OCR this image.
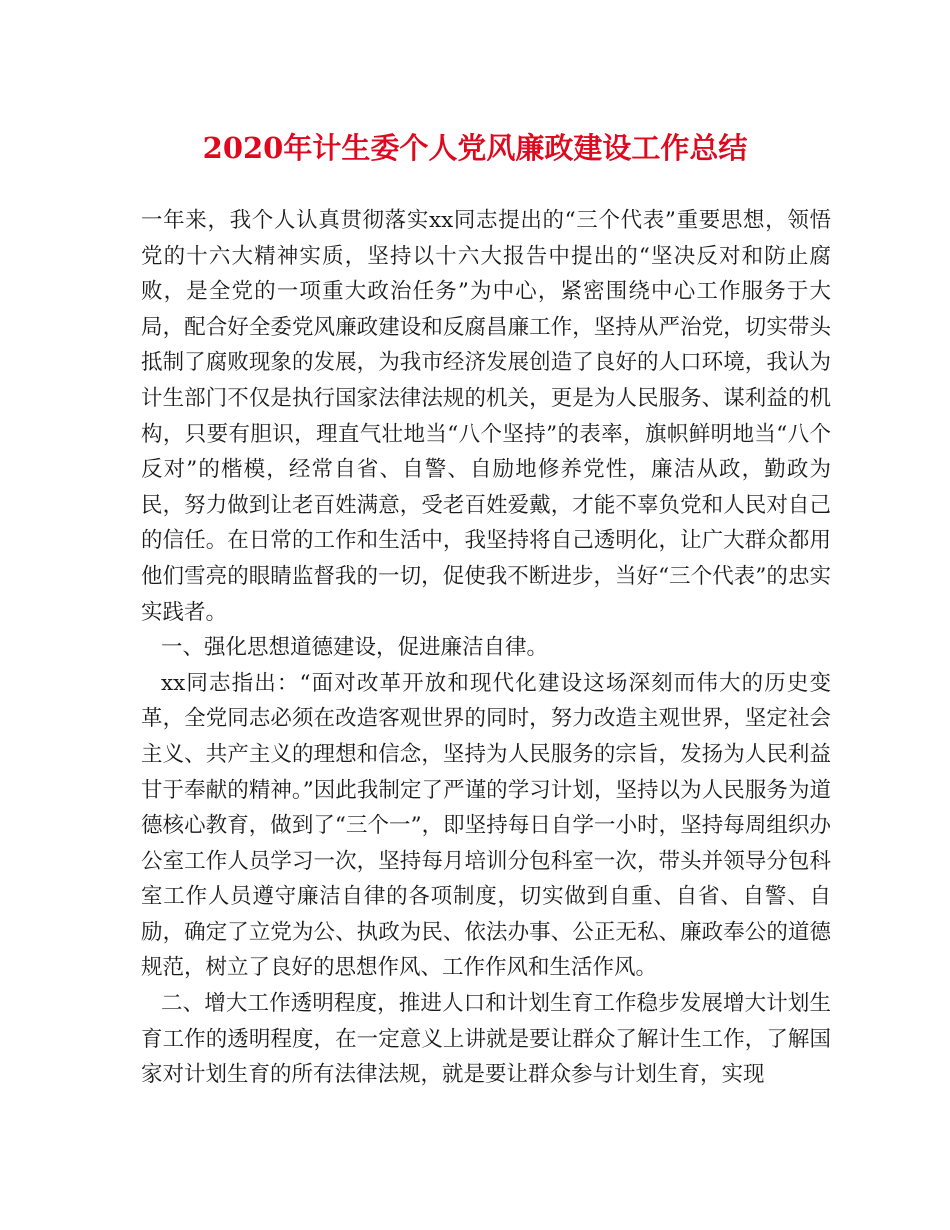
2020年计生委个人党风廉政建设工作总结

一年来，我个人认真贯彻落实xx同志提出的“三个代表”重要思想，领悟党的十六大精神实质，坚持以十六大报告中提出的“坚决反对和防止腐败，是全党的一项重大政治任务”为中心，紧密围绕中心工作服务于大局，配合好全委党风廉政建设和反腐昌廉工作，坚持从严治党，切实带头抵制了腐败现象的发展，为我市经济发展创造了良好的人口环境，我认为计生部门不仅是执行国家法律法规的机关，更是为人民服务、谋利益的机构，只要有胆识，理直气壮地当“八个坚持”的表率，旗帜鲜明地当“八个反对”的楷模，经常自省、自警、自励地修养党性，廉洁从政，勤政为民，努力做到让老百姓满意，受老百姓爱戴，才能不辜负党和人民对自己的信任。在日常的工作和生活中，我坚持将自己透明化，让广大群众都用他们雪亮的眼睛监督我的一切，促使我不断进步，当好“三个代表”的忠实实践者。

一、强化思想道德建设，促进廉洁自律。

xx同志指出：“面对改革开放和现代化建设这场深刻而伟大的历史变革，全党同志必须在改造客观世界的同时，努力改造主观世界，坚定社会主义、共产主义的理想和信念，坚持为人民服务的宗旨，发扬为人民利益甘于奉献的精神。”因此我制定了严谨的学习计划，坚持以为人民服务为道德核心教育，做到了“三个一”，即坚持每日自学一小时，坚持每周组织办公室工作人员学习一次，坚持每月培训分包科室一次，带头并领导分包科室工作人员遵守廉洁自律的各项制度，切实做到自重、自省、自警、自励，确定了立党为公、执政为民、依法办事、公正无私、廉政奉公的道德规范，树立了良好的思想作风、工作作风和生活作风。

二、增大工作透明程度，推进人口和计划生育工作稳步发展增大计划生育工作的透明程度，在一定意义上讲就是要让群众了解计生工作，了解国家对计划生育的所有法律法规，就是要让群众参与计划生育，实现
